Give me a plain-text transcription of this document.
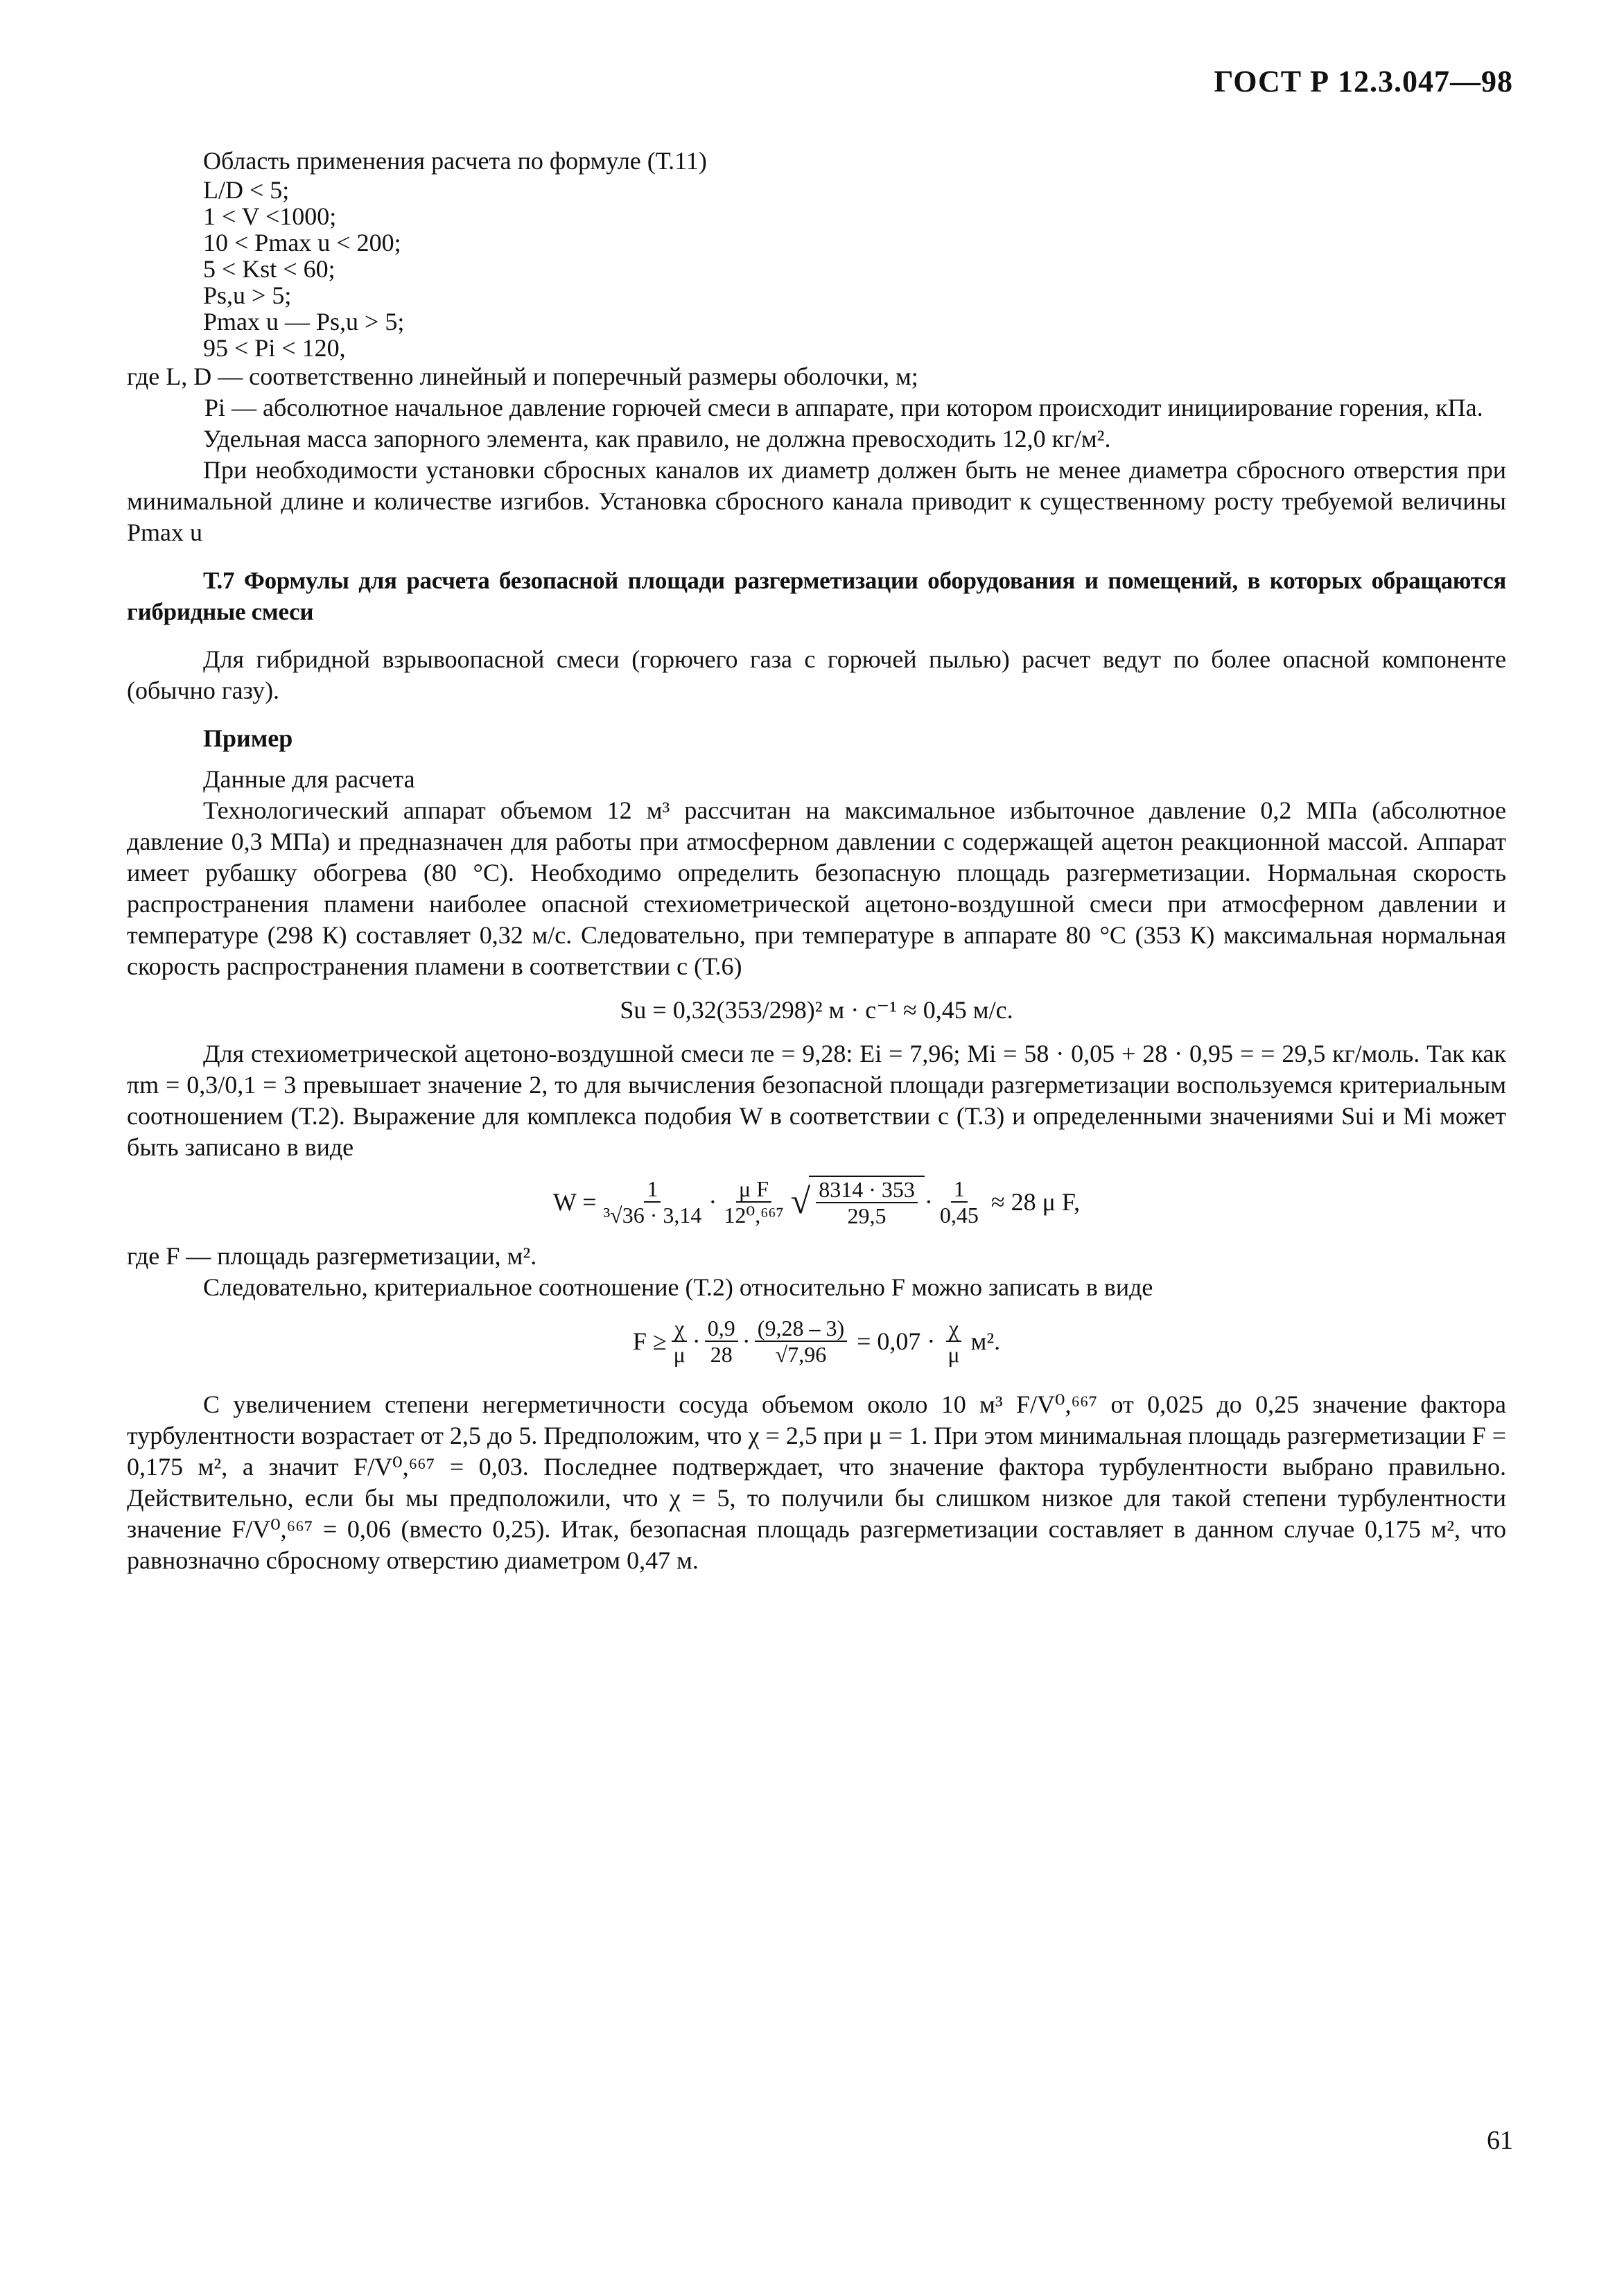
ГОСТ Р 12.3.047—98

Область применения расчета по формуле (Т.11)

L/D < 5;

1 < V <1000;

10 < Pmax u < 200;

5 < Kst < 60;

Ps,u > 5;

Pmax u — Ps,u > 5;

95 < Pi < 120,

где L, D — соответственно линейный и поперечный размеры оболочки, м;

Pi — абсолютное начальное давление горючей смеси в аппарате, при котором происходит инициирование горения, кПа.

Удельная масса запорного элемента, как правило, не должна превосходить 12,0 кг/м².

При необходимости установки сбросных каналов их диаметр должен быть не менее диаметра сбросного отверстия при минимальной длине и количестве изгибов. Установка сбросного канала приводит к существенному росту требуемой величины Pmax u

Т.7 Формулы для расчета безопасной площади разгерметизации оборудования и помещений, в которых обращаются гибридные смеси

Для гибридной взрывоопасной смеси (горючего газа с горючей пылью) расчет ведут по более опасной компоненте (обычно газу).

Пример

Данные для расчета

Технологический аппарат объемом 12 м³ рассчитан на максимальное избыточное давление 0,2 МПа (абсолютное давление 0,3 МПа) и предназначен для работы при атмосферном давлении с содержащей ацетон реакционной массой. Аппарат имеет рубашку обогрева (80 °С). Необходимо определить безопасную площадь разгерметизации. Нормальная скорость распространения пламени наиболее опасной стехиометрической ацетоно-воздушной смеси при атмосферном давлении и температуре (298 К) составляет 0,32 м/с. Следовательно, при температуре в аппарате 80 °С (353 К) максимальная нормальная скорость распространения пламени в соответствии с (Т.6)

Su = 0,32(353/298)² м · с⁻¹ ≈ 0,45 м/с.

Для стехиометрической ацетоно-воздушной смеси πe = 9,28: Ei = 7,96; Mi = 58 · 0,05 + 28 · 0,95 = = 29,5 кг/моль. Так как πm = 0,3/0,1 = 3 превышает значение 2, то для вычисления безопасной площади разгерметизации воспользуемся критериальным соотношением (Т.2). Выражение для комплекса подобия W в соответствии с (Т.3) и определенными значениями Sui и Mi может быть записано в виде

$W = \frac{1}{\text{³√36 · 3,14}} \cdot \frac{\text{μ F}}{\text{12⁰,⁶⁶⁷}}$ √ $\frac{8314 \cdot 353}{29,5} \cdot \frac{1}{0,45} \approx 28$ μ F,

где F — площадь разгерметизации, м².

Следовательно, критериальное соотношение (Т.2) относительно F можно записать в виде

$F \ge \frac{\chi}{\mu} \cdot \frac{0,9}{28} \cdot \frac{(9,28 - 3)}{√7,96} = 0,07 \cdot \frac{\chi}{\mu} м^2$.

С увеличением степени негерметичности сосуда объемом около 10 м³ F/V⁰,⁶⁶⁷ от 0,025 до 0,25 значение фактора турбулентности возрастает от 2,5 до 5. Предположим, что χ = 2,5 при μ = 1. При этом минимальная площадь разгерметизации F = 0,175 м², а значит F/V⁰,⁶⁶⁷ = 0,03. Последнее подтверждает, что значение фактора турбулентности выбрано правильно. Действительно, если бы мы предположили, что χ = 5, то получили бы слишком низкое для такой степени турбулентности значение F/V⁰,⁶⁶⁷ = 0,06 (вместо 0,25). Итак, безопасная площадь разгерметизации составляет в данном случае 0,175 м², что равнозначно сбросному отверстию диаметром 0,47 м.

61
